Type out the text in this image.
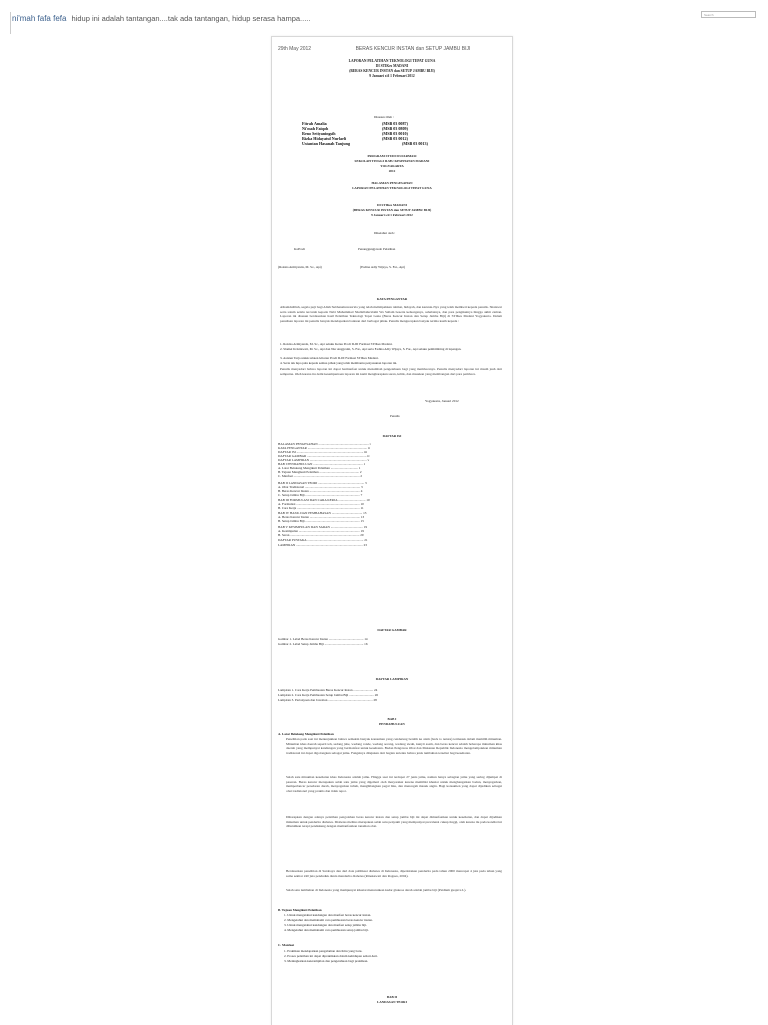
ni'mah fafa fefa hidup ini adalah tantangan....tak ada tantangan, hidup serasa hampa.....	Search
29th May 2012	BERAS KENCUR INSTAN dan SETUP JAMBU BIJI
LAPORAN PELATIHAN TEKNOLOGI TEPAT GUNA
DI STIKes MADANI
(BERAS KENCUR INSTAN dan SETUP JAMBU BIJI)
9 Januari s/d 1 Februari 2012
Disusun Oleh :
Fitrah Amalia	(MSB 03 0087)
Ni'mah Faiqoh	(MSB 03 0809)
Reno Setiyaningsih	(MSB 03 0010)
Rizka Hidayatul Nurlaeli	(MSB 03 0012)
Ustantan Hasanah Tanjung	(MSB 03 0013)
PROGRAM STUDI D3 FARMASI
SEKOLAH TINGGI ILMU KESEHATAN MADANI
YOGYAKARTA
2012
HALAMAN PENGESAHAN
LAPORAN PELATIHAN TEKNOLOGI TEPAT GUNA
DI STIKes MADANI
(BERAS KENCUR INSTAN dan SETUP JAMBU BIJI)
9 Januari s/d 1 Februari 2012
Diketahui oleh :
KaProdi	Penanggungjawab Pelatihan
(Rokiza Armiyanda, M. Sc., Apt)	(Esdina Adiy Wijaya, S. Far., Apt)
KATA PENGANTAR
Alhamdulillah, segala puji bagi Allah Subhanahuwata'ala yang telah melimpahkan rahmat, hidayah, dan karunia-Nya yang telah memberi kepada penulis. Shalawat serta salam selalu tercurah kepada Nabi Muhammad Shallallahu'alaihi Wa Sallam beserta keluarganya, sahabatnya, dan para pengikutnya hingga akhir zaman. Laporan ini disusun berdasarkan hasil Pelatihan Teknologi Tepat Guna (Beras Kencur Instan dan Setup Jambu Biji) di STIKes Madani Yogyakarta. Dalam penulisan laporan ini penulis banyak mendapatkan bantuan dari berbagai pihak. Penulis mengucapkan banyak terima kasih kepada :
1. Rokiza Armiyanda, M. Sc., Apt selaku Ketua Prodi D-III Farmasi STIKes Madani.
2. Slamet Kristiawati, M. Sc., Apt dan Nur Anggraini, S. Far., Apt serta Esdina Adiy Wijaya, S. Far., Apt selaku pembimbing di lapangan.
3. Asisten Tarja untuk telaten lebaran Prodi D-III Farmasi STIKes Madani.
4. Serta tak lupa pula kepada semua pihak yang telah membantu penyusunan laporan ini.
Penulis menyadari bahwa laporan ini dapat bermanfaat untuk menambah pengetahuan bagi yang membacanya. Penulis menyadari laporan ini masih jauh dari sempurna. Oleh karena itu demi kesempurnaan laporan ini kami mengharapkan saran, kritik, dan masukan yang membangun dari para pembaca.
Yogyakarta, Januari 2012
Penulis
DAFTAR ISI
HALAMAN PENGESAHAN ............................................................. i
KATA PENGANTAR ........................................................................ ii
DAFTAR ISI ................................................................................. iii
DAFTAR GAMBAR ........................................................................ iv
DAFTAR LAMPIRAN ..................................................................... v
BAB I PENDAHULUAN ............................................................ 1
A. Latar Belakang Mengikuti Pelatihan ................................. 1
B. Tujuan Mengikuti Pelatihan ................................................ 2
C. Manfaat ................................................................................ 2
BAB II LANDASAN TEORI ........................................................ 3
A. Obat Tradisional ................................................................... 3
B. Beras Kencur Instan ............................................................. 4
C. Setup Jambu Biji .................................................................. 7
BAB III FORMULASI DAN CARA KERJA ................................. 10
A. Formulasi ............................................................................. 10
B. Cara Kerja ............................................................................ 11
BAB IV HASIL DAN PEMBAHASAN ..................................... 13
A. Beras Kencur Instan ............................................................. 13
B. Setup Jambu Biji .................................................................. 15
BAB V KESIMPULAN DAN SARAN ....................................... 19
A. Kesimpulan .......................................................................... 19
B. Saran .................................................................................... 20
DAFTAR PUSTAKA .................................................................... 21
LAMPIRAN ................................................................................. 23
DAFTAR GAMBAR
Gambar 1. Label Beras Kencur Instan .......................................... 14
Gambar 2. Label Setup Jambu Biji ............................................... 16
DAFTAR LAMPIRAN
Lampiran 1. Cara Kerja Pembuatan Beras Kencur Instan ........................ 24
Lampiran 2. Cara Kerja Pembuatan Setup Jambu Biji .............................. 26
Lampiran 3. Pertanyaan dan Jawaban ...................................................... 28
BAB I
PENDAHULUAN
A. Latar Belakang Mengikuti Pelatihan
Penelitian pada saat ini menunjukkan bahwa semakin banyak konsumen yang cenderung beralih ke alam (back to nature) termasuk dalam memilih minuman. Minuman khas daerah seperti teh, sedang jahe, wedang ronde, wedang secang, wedang uwuh, kunyit asam, dan beras kencur adalah beberapa minuman khas daerah yang mempunyai kandungan yang bermanfaat untuk kesehatan. Badan Pengawas Obat dan Makanan Republik Indonesia mengelompokkan minuman tradisional ini dapat digolongkan sebagai jamu. Fungsinya ditujukan dari bagian tertentu bahwa jenis tumbuhan tersebut bagi kesehatan.
Salah satu minuman kesehatan khas Indonesia adalah jamu. Hingga saat ini terdapat 27 jenis jamu, namun hanya sebagian jamu yang sering dijumpai di pasaran. Beras kencur merupakan salah satu jamu yang digemari oleh masyarakat karena memiliki khasiat untuk menghangatkan badan, menyegarkan, memperlancar peredaran darah, menyegarkan tubuh, menghilangkan pegal linu, dan mencegah masuk angin. Bagi konsumen yang dapat dijadikan sebagai obat tradisional yang praktis dan tidak repot.
Diharapkan dengan adanya pelatihan pengolahan beras kencur instan dan setup jambu biji ini dapat dimanfaatkan untuk kesehatan, dan dapat dijadikan minuman untuk penderita diabetes. Diabetes melitus merupakan salah satu penyakit yang mempunyai prevalensi cukup tinggi, oleh karena itu pada kondisi ini dibutuhkan terapi pendukung dengan memanfaatkan tanaman obat.
Berdasarkan penelitian di Surabaya dan dari data publikasi diabetes di Indonesia, diperkirakan penderita pada tahun 2000 mencapai 4 juta pada tahun yang sama sekitar 240 juta penduduk dunia menderita diabetes (Rinakawati dan Rogues, 2004).
Salah satu tumbuhan di Indonesia yang mempunyai khasiat menurunkan kadar glukosa darah adalah jambu biji (Psidium guajava L).
B. Tujuan Mengikuti Pelatihan
1. Untuk mengetahui kandungan dan manfaat beras kencur instan.
2. Mengetahui dan memahami cara pembuatan beras kencur instan.
3. Untuk mengetahui kandungan dan manfaat setup jambu biji.
4. Mengetahui dan memahami cara pembuatan setup jambu biji.
C. Manfaat
1. Praktikan mendapatkan pengalaman dan ilmu yang baru.
2. Proses pelatihan ini dapat dipraktikkan dalam kehidupan sehari-hari.
3. Meningkatkan keterampilan dan pengetahuan bagi praktikan.
BAB II
LANDASAN TEORI
